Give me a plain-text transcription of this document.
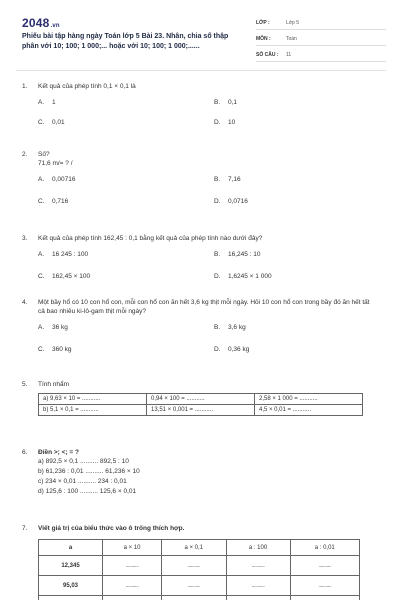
2048.vn
Phiếu bài tập hàng ngày Toán lớp 5 Bài 23. Nhân, chia số thập phân với 10; 100; 1 000;... hoặc với 10; 100; 1 000;......
LỚP :	Lớp 5
MÔN :	Toán
SỐ CÂU :	11
1.	Kết quả của phép tính 0,1 × 0,1 là
A. 1	B. 0,1
C. 0,01	D. 10
2.	Số?
71,6 m/= ? /
A. 0,00716	B. 7,16
C. 0,716	D. 0,0716
3.	Kết quả của phép tính 162,45 : 0,1 bằng kết quả của phép tính nào dưới đây?
A. 16 245 : 100	B. 16,245 : 10
C. 162,45 × 100	D. 1,6245 × 1 000
4.	Một bầy hổ có 10 con hổ con, mỗi con hổ con ăn hết 3,6 kg thịt mỗi ngày. Hỏi 10 con hổ con trong bầy đó ăn hết tất cả bao nhiêu ki-lô-gam thịt mỗi ngày?
A. 36 kg	B. 3,6 kg
C. 360 kg	D. 0,36 kg
5.	Tính nhẩm
a) 9,63 × 10 = ...........	0,94 × 100 = ...........	2,58 × 1 000 = ...........
b) 5,1 × 0,1 = ...........	13,51 × 0,001 = ...........	4,5 × 0,01 = ...........
6.	Điền >; <; = ?
a) 892,5 × 0,1 .......... 892,5 : 10
b) 61,236 : 0,01 .......... 61,236 × 10
c) 234 × 0,01 .......... 234 : 0,01
d) 125,6 : 100 .......... 125,6 × 0,01
7.	Viết giá trị của biểu thức vào ô trống thích hợp.
a	a × 10	a × 0,1	a : 100	a : 0,01
12,345	...........	...........	...........	...........
95,03	...........	...........	...........	...........
